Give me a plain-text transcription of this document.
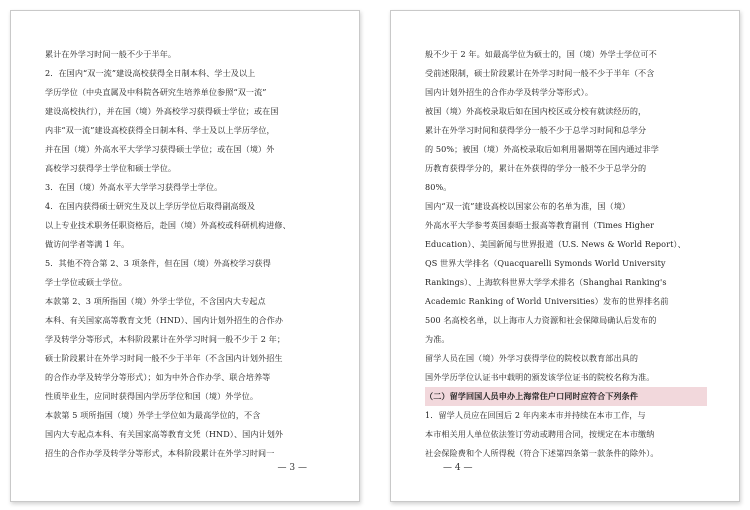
累计在外学习时间一般不少于半年。
2．在国内“双一流”建设高校获得全日制本科、学士及以上
学历学位（中央直属及中科院各研究生培养单位参照“双一流”
建设高校执行），并在国（境）外高校学习获得硕士学位；或在国
内非“双一流”建设高校获得全日制本科、学士及以上学历学位，
并在国（境）外高水平大学学习获得硕士学位；或在国（境）外
高校学习获得学士学位和硕士学位。
3．在国（境）外高水平大学学习获得学士学位。
4．在国内获得硕士研究生及以上学历学位后取得副高级及
以上专业技术职务任职资格后，赴国（境）外高校或科研机构进修、
做访问学者等满 1 年。
5．其他不符合第 2、3 项条件，但在国（境）外高校学习获得
学士学位或硕士学位。
本款第 2、3 项所指国（境）外学士学位，不含国内大专起点
本科、有关国家高等教育文凭（HND）、国内计划外招生的合作办
学及转学分等形式，本科阶段累计在外学习时间一般不少于 2 年；
硕士阶段累计在外学习时间一般不少于半年（不含国内计划外招生
的合作办学及转学分等形式）；如为中外合作办学、联合培养等
性质毕业生，应同时获得国内学历学位和国（境）外学位。
本款第 5 项所指国（境）外学士学位如为最高学位的，不含
国内大专起点本科、有关国家高等教育文凭（HND）、国内计划外
招生的合作办学及转学分等形式，本科阶段累计在外学习时间一
— 3 —
般不少于 2 年。如最高学位为硕士的，国（境）外学士学位可不
受前述限制，硕士阶段累计在外学习时间一般不少于半年（不含
国内计划外招生的合作办学及转学分等形式）。
被国（境）外高校录取后如在国内校区或分校有就读经历的，
累计在外学习时间和获得学分一般不少于总学习时间和总学分
的 50%；被国（境）外高校录取后如利用暑期等在国内通过非学
历教育获得学分的，累计在外获得的学分一般不少于总学分的
80%。
国内“双一流”建设高校以国家公布的名单为准，国（境）
外高水平大学参考英国泰晤士报高等教育副刊（Times Higher
Education）、美国新闻与世界报道（U.S. News & World Report）、
QS 世界大学排名（Quacquarelli Symonds World University
Rankings）、上海软科世界大学学术排名（Shanghai Ranking's
Academic Ranking of World Universities）发布的世界排名前
500 名高校名单，以上海市人力资源和社会保障局确认后发布的
为准。
留学人员在国（境）外学习获得学位的院校以教育部出具的
国外学历学位认证书中载明的颁发该学位证书的院校名称为准。
（二）留学回国人员申办上海常住户口同时应符合下列条件
1．留学人员应在回国后 2 年内来本市并持续在本市工作，与
本市相关用人单位依法签订劳动或聘用合同，按规定在本市缴纳
社会保险费和个人所得税（符合下述第四条第一款条件的除外）。
— 4 —
